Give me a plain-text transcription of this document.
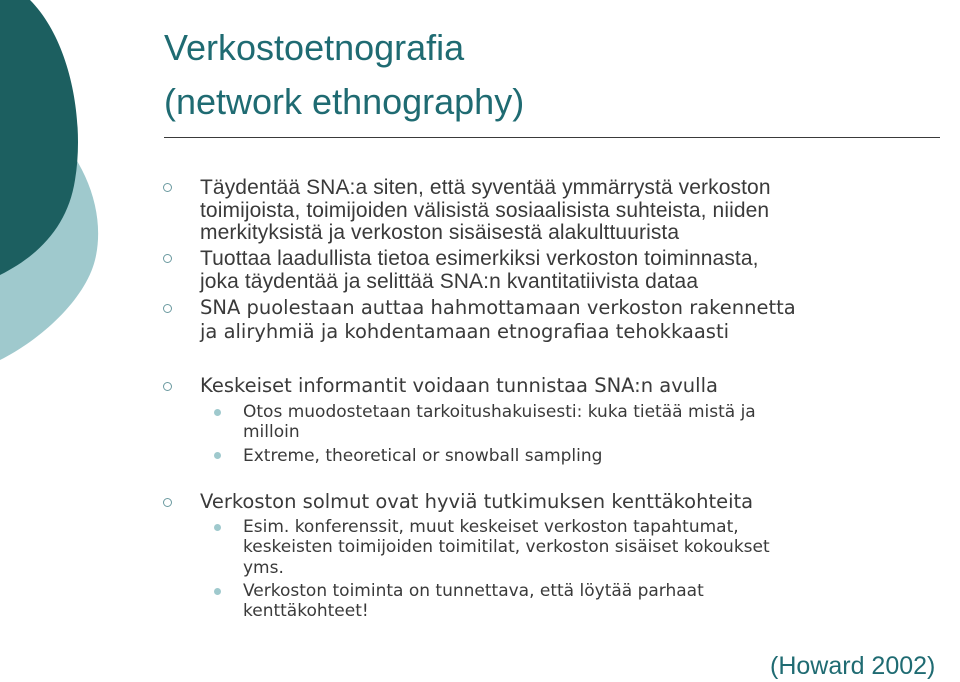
Verkostoetnografia
(network ethnography)
Täydentää SNA:a siten, että syventää ymmärrystä verkoston
toimijoista, toimijoiden välisistä sosiaalisista suhteista, niiden
merkityksistä ja verkoston sisäisestä alakulttuurista
Tuottaa laadullista tietoa esimerkiksi verkoston toiminnasta,
joka täydentää ja selittää SNA:n kvantitatiivista dataa
SNA puolestaan auttaa hahmottamaan verkoston rakennetta
ja aliryhmiä ja kohdentamaan etnografiaa tehokkaasti
Keskeiset informantit voidaan tunnistaa SNA:n avulla
Otos muodostetaan tarkoitushakuisesti: kuka tietää mistä ja
milloin
Extreme, theoretical or snowball sampling
Verkoston solmut ovat hyviä tutkimuksen kenttäkohteita
Esim. konferenssit, muut keskeiset verkoston tapahtumat,
keskeisten toimijoiden toimitilat, verkoston sisäiset kokoukset
yms.
Verkoston toiminta on tunnettava, että löytää parhaat
kenttäkohteet!
(Howard 2002)
